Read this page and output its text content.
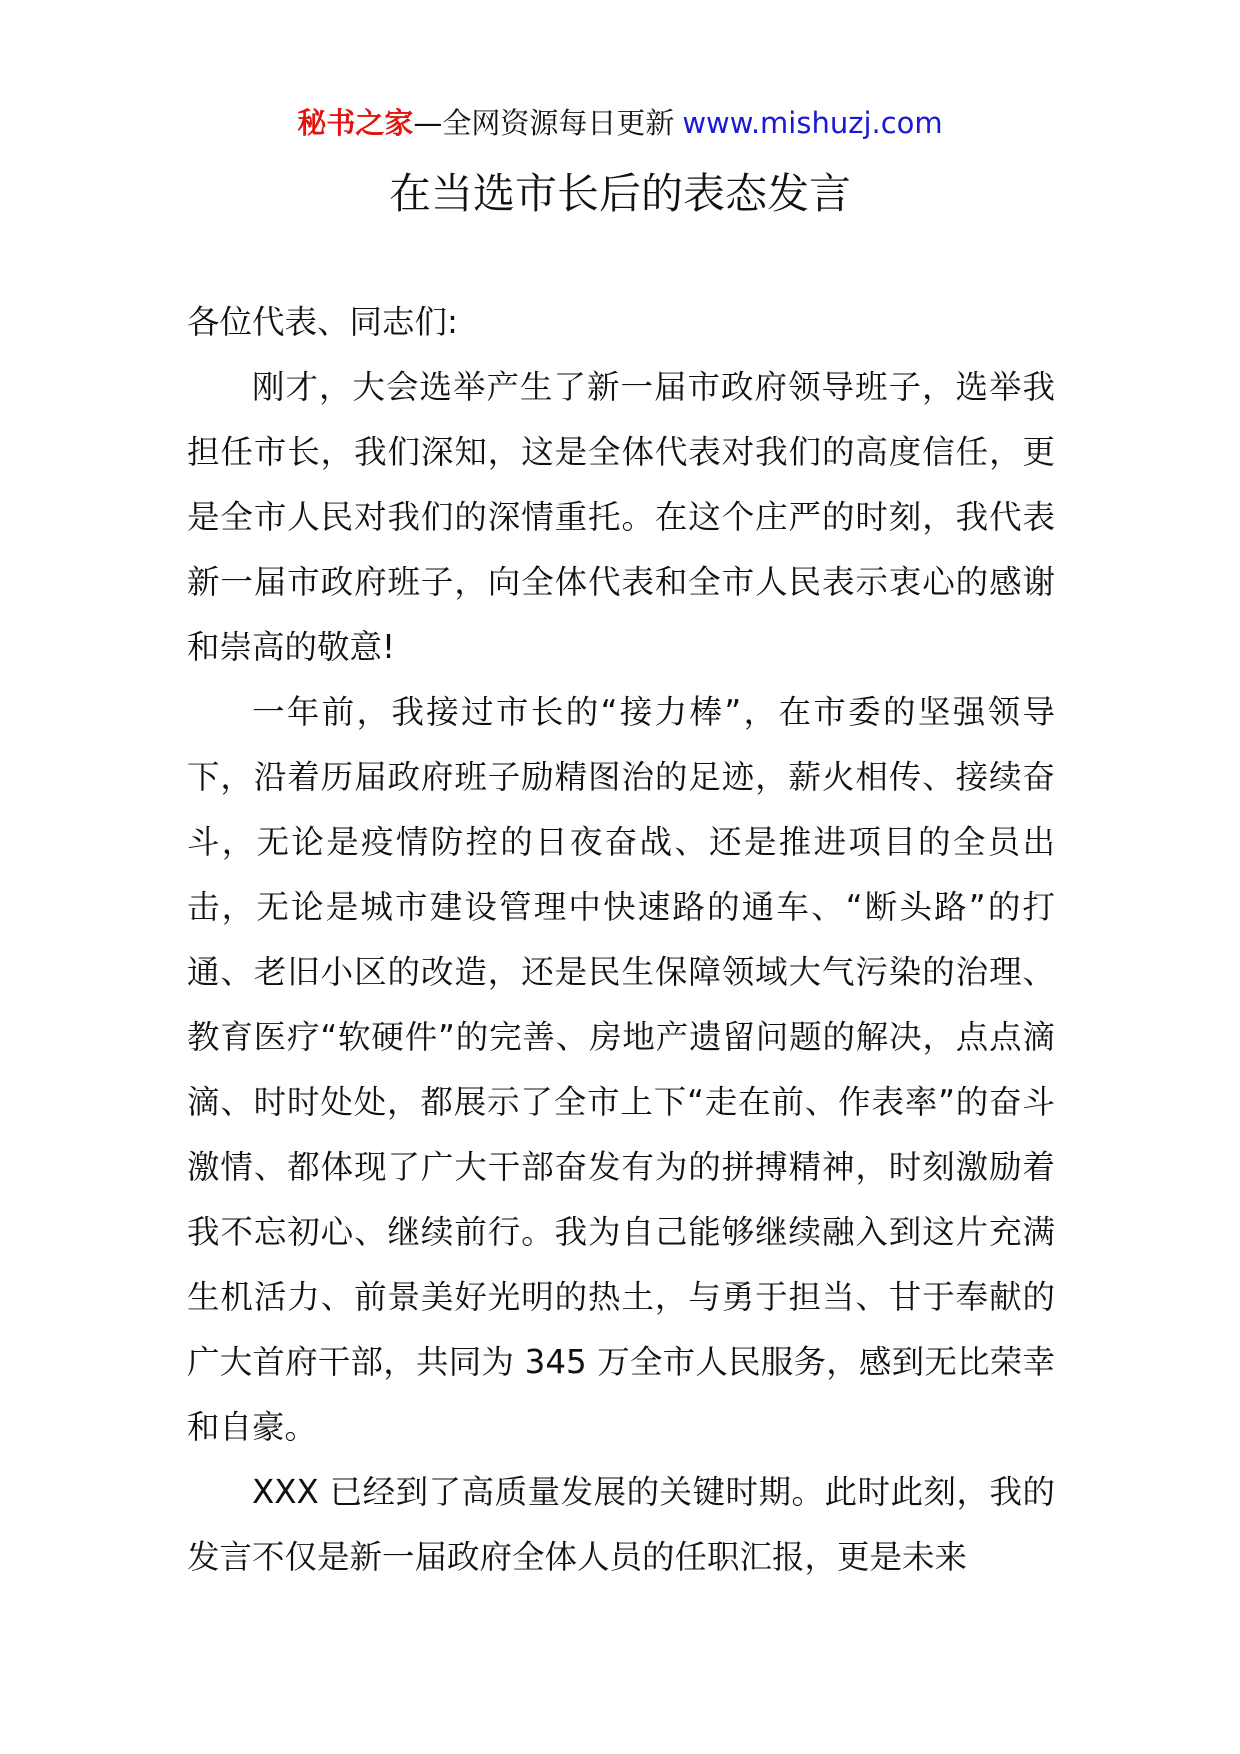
秘书之家—全网资源每日更新 www.mishuzj.com
在当选市长后的表态发言

各位代表、同志们:

刚才，大会选举产生了新一届市政府领导班子，选举我担任市长，我们深知，这是全体代表对我们的高度信任，更是全市人民对我们的深情重托。在这个庄严的时刻，我代表新一届市政府班子，向全体代表和全市人民表示衷心的感谢和崇高的敬意!

一年前，我接过市长的“接力棒”，在市委的坚强领导下，沿着历届政府班子励精图治的足迹，薪火相传、接续奋斗，无论是疫情防控的日夜奋战、还是推进项目的全员出击，无论是城市建设管理中快速路的通车、“断头路”的打通、老旧小区的改造，还是民生保障领域大气污染的治理、教育医疗“软硬件”的完善、房地产遗留问题的解决，点点滴滴、时时处处，都展示了全市上下“走在前、作表率”的奋斗激情、都体现了广大干部奋发有为的拼搏精神，时刻激励着我不忘初心、继续前行。我为自己能够继续融入到这片充满生机活力、前景美好光明的热土，与勇于担当、甘于奉献的广大首府干部，共同为 345 万全市人民服务，感到无比荣幸和自豪。

XXX 已经到了高质量发展的关键时期。此时此刻，我的发言不仅是新一届政府全体人员的任职汇报，更是未来
